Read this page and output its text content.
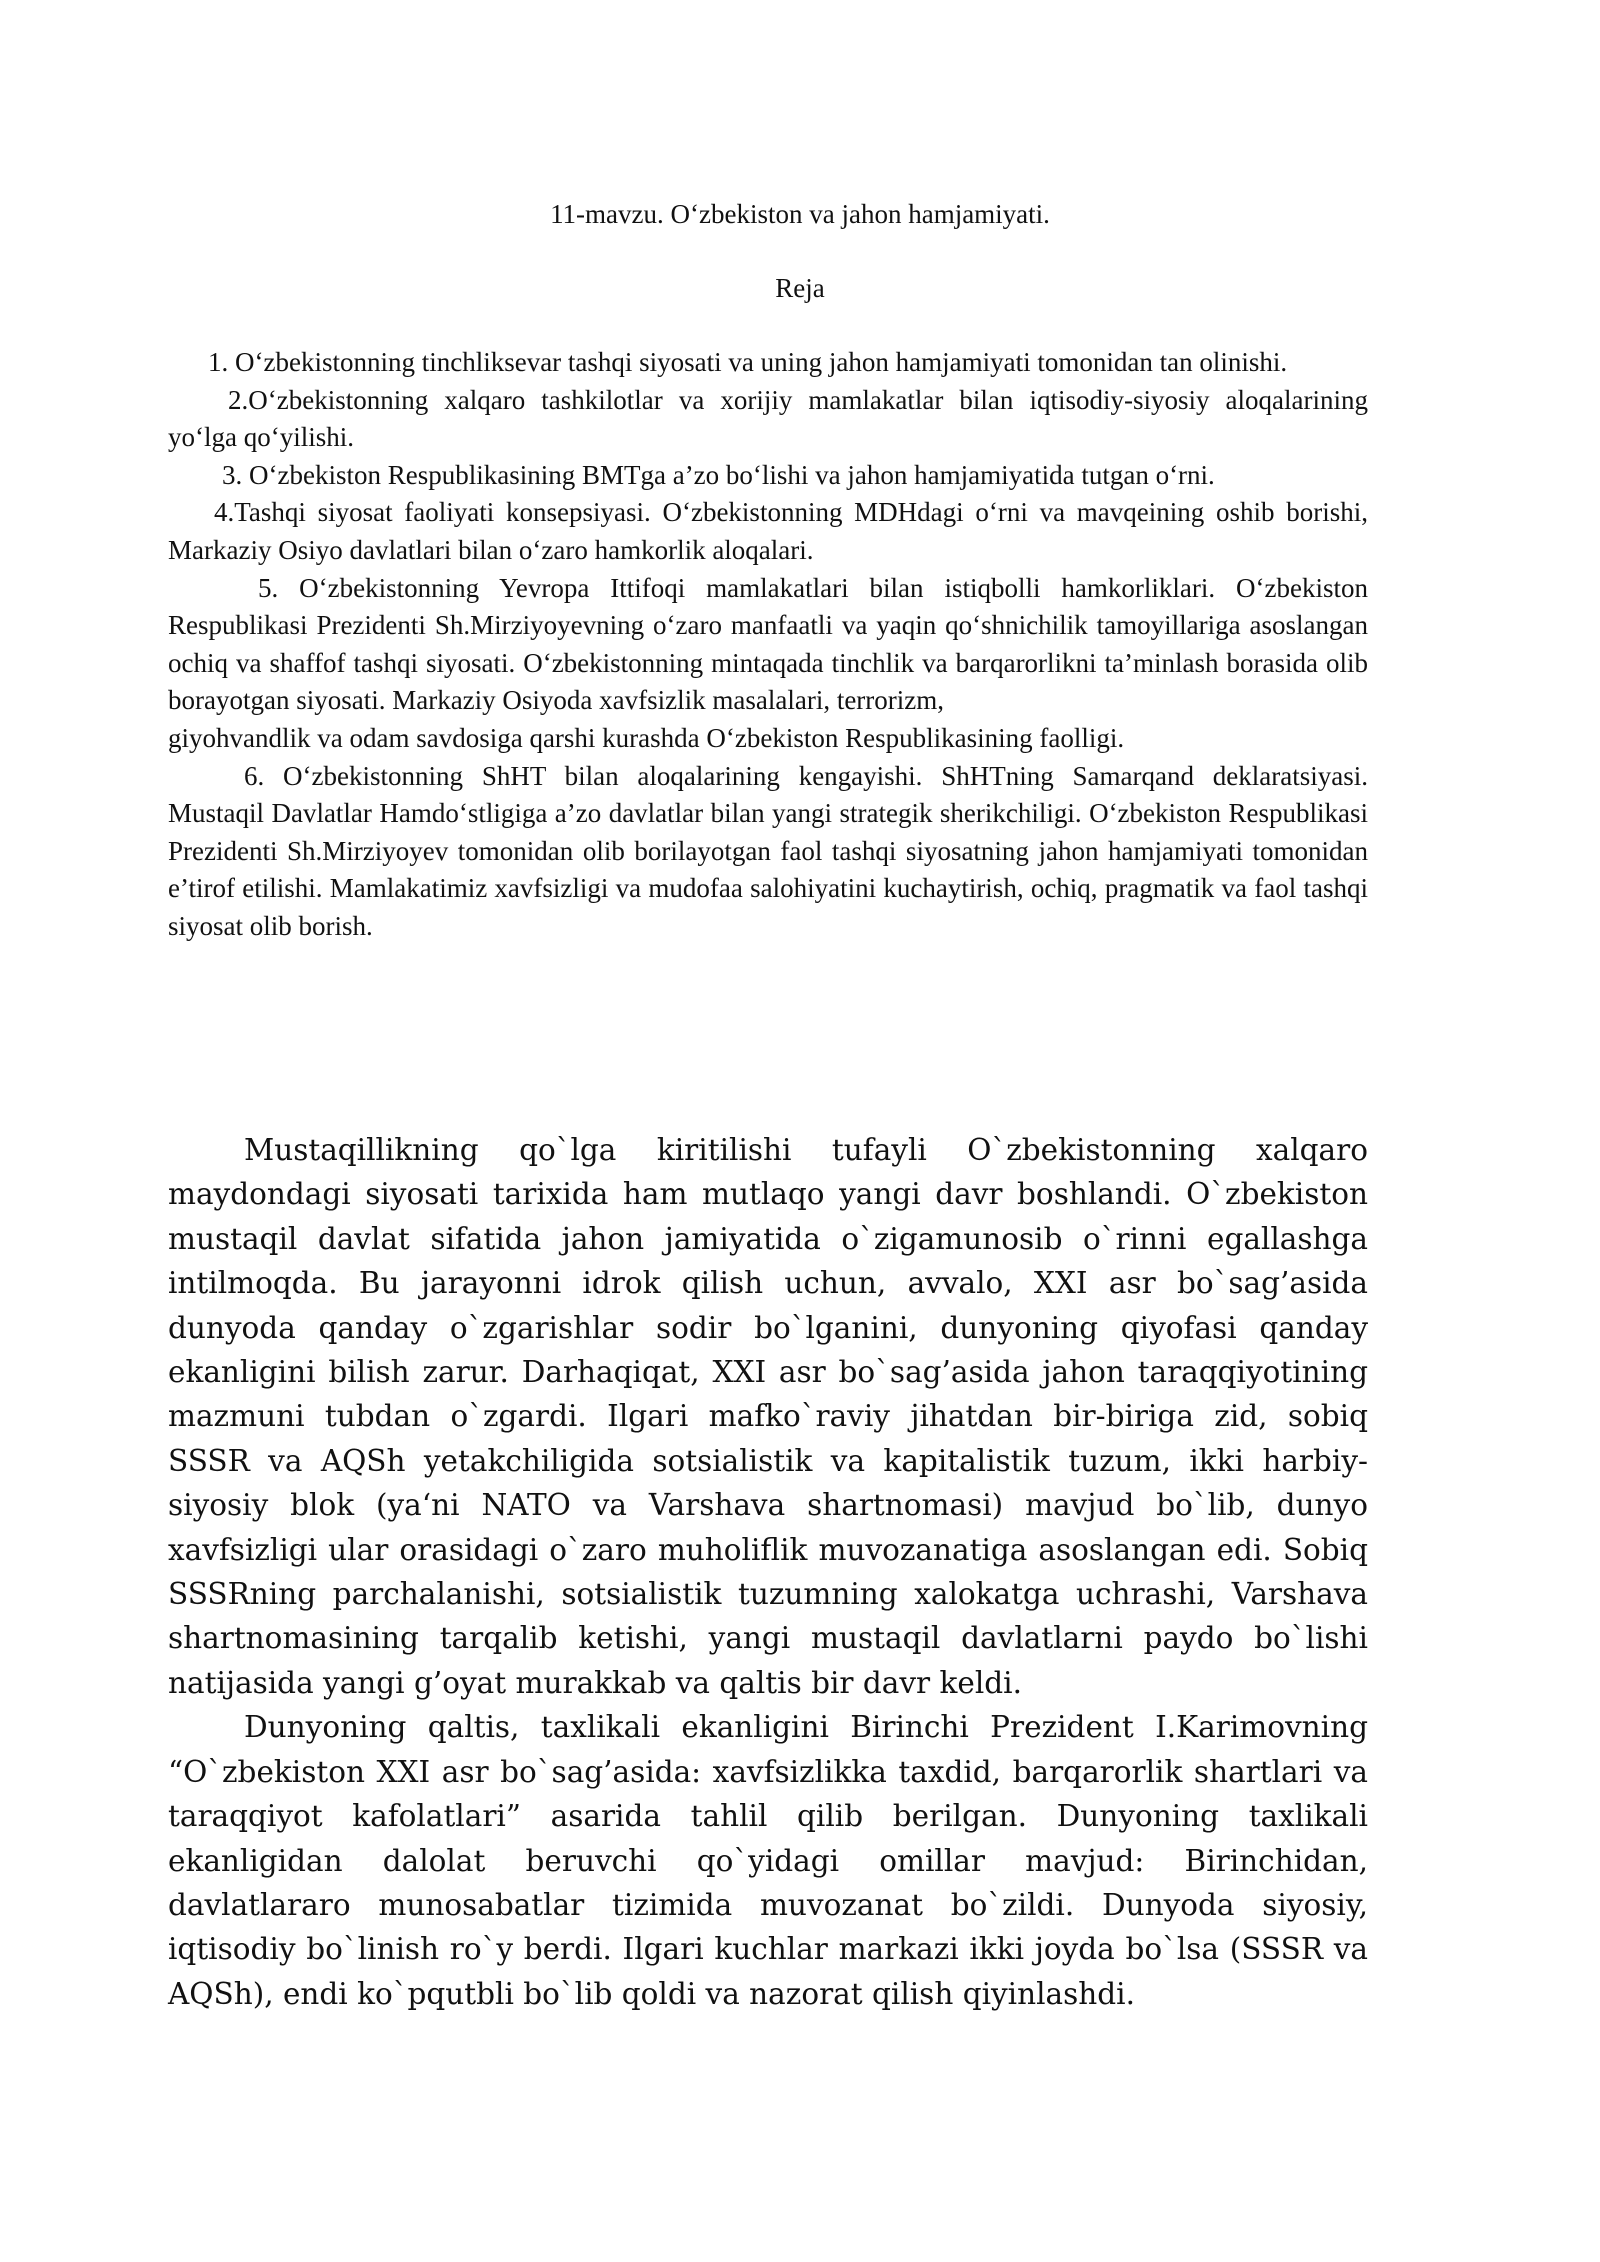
11-mavzu. O‘zbekiston va jahon hamjamiyati.
Reja

1. O‘zbekistonning tinchliksevar tashqi siyosati va uning jahon hamjamiyati tomonidan tan olinishi.

2.O‘zbekistonning xalqaro tashkilotlar va xorijiy mamlakatlar bilan iqtisodiy-siyosiy aloqalarining yo‘lga qo‘yilishi.

3. O‘zbekiston Respublikasining BMTga a’zo bo‘lishi va jahon hamjamiyatida tutgan o‘rni.

4.Tashqi siyosat faoliyati konsepsiyasi. O‘zbekistonning MDHdagi o‘rni va mavqeining oshib borishi, Markaziy Osiyo davlatlari bilan o‘zaro hamkorlik aloqalari.

5. O‘zbekistonning Yevropa Ittifoqi mamlakatlari bilan istiqbolli hamkorliklari. O‘zbekiston Respublikasi Prezidenti Sh.Mirziyoyevning o‘zaro manfaatli va yaqin qo‘shnichilik tamoyillariga asoslangan ochiq va shaffof tashqi siyosati. O‘zbekistonning mintaqada tinchlik va barqarorlikni ta’minlash borasida olib borayotgan siyosati. Markaziy Osiyoda xavfsizlik masalalari, terrorizm,

giyohvandlik va odam savdosiga qarshi kurashda O‘zbekiston Respublikasining faolligi.

6. O‘zbekistonning ShHT bilan aloqalarining kengayishi. ShHTning Samarqand deklaratsiyasi. Mustaqil Davlatlar Hamdo‘stligiga a’zo davlatlar bilan yangi strategik sherikchiligi. O‘zbekiston Respublikasi Prezidenti Sh.Mirziyoyev tomonidan olib borilayotgan faol tashqi siyosatning jahon hamjamiyati tomonidan e’tirof etilishi. Mamlakatimiz xavfsizligi va mudofaa salohiyatini kuchaytirish, ochiq, pragmatik va faol tashqi siyosat olib borish.

Mustaqillikning qo`lga kiritilishi tufayli O`zbekistonning xalqaro maydondagi siyosati tarixida ham mutlaqo yangi davr boshlandi. O`zbekiston mustaqil davlat sifatida jahon jamiyatida o`zigamunosib o`rinni egallashga intilmoqda. Bu jarayonni idrok qilish uchun, avvalo, XXI asr bo`sag’asida dunyoda qanday o`zgarishlar sodir bo`lganini, dunyoning qiyofasi qanday ekanligini bilish zarur. Darhaqiqat, XXI asr bo`sag’asida jahon taraqqiyotining mazmuni tubdan o`zgardi. Ilgari mafko`raviy jihatdan bir-biriga zid, sobiq SSSR va AQSh yetakchiligida sotsialistik va kapitalistik tuzum, ikki harbiy-siyosiy blok (ya‘ni NATO va Varshava shartnomasi) mavjud bo`lib, dunyo xavfsizligi ular orasidagi o`zaro muholiflik muvozanatiga asoslangan edi. Sobiq SSSRning parchalanishi, sotsialistik tuzumning xalokatga uchrashi, Varshava shartnomasining tarqalib ketishi, yangi mustaqil davlatlarni paydo bo`lishi natijasida yangi g’oyat murakkab va qaltis bir davr keldi.

Dunyoning qaltis, taxlikali ekanligini Birinchi Prezident I.Karimovning “O`zbekiston XXI asr bo`sag’asida: xavfsizlikka taxdid, barqarorlik shartlari va taraqqiyot kafolatlari” asarida tahlil qilib berilgan. Dunyoning taxlikali ekanligidan dalolat beruvchi qo`yidagi omillar mavjud: Birinchidan, davlatlararo munosabatlar tizimida muvozanat bo`zildi. Dunyoda siyosiy, iqtisodiy bo`linish ro`y berdi. Ilgari kuchlar markazi ikki joyda bo`lsa (SSSR va AQSh), endi ko`pqutbli bo`lib qoldi va nazorat qilish qiyinlashdi.
